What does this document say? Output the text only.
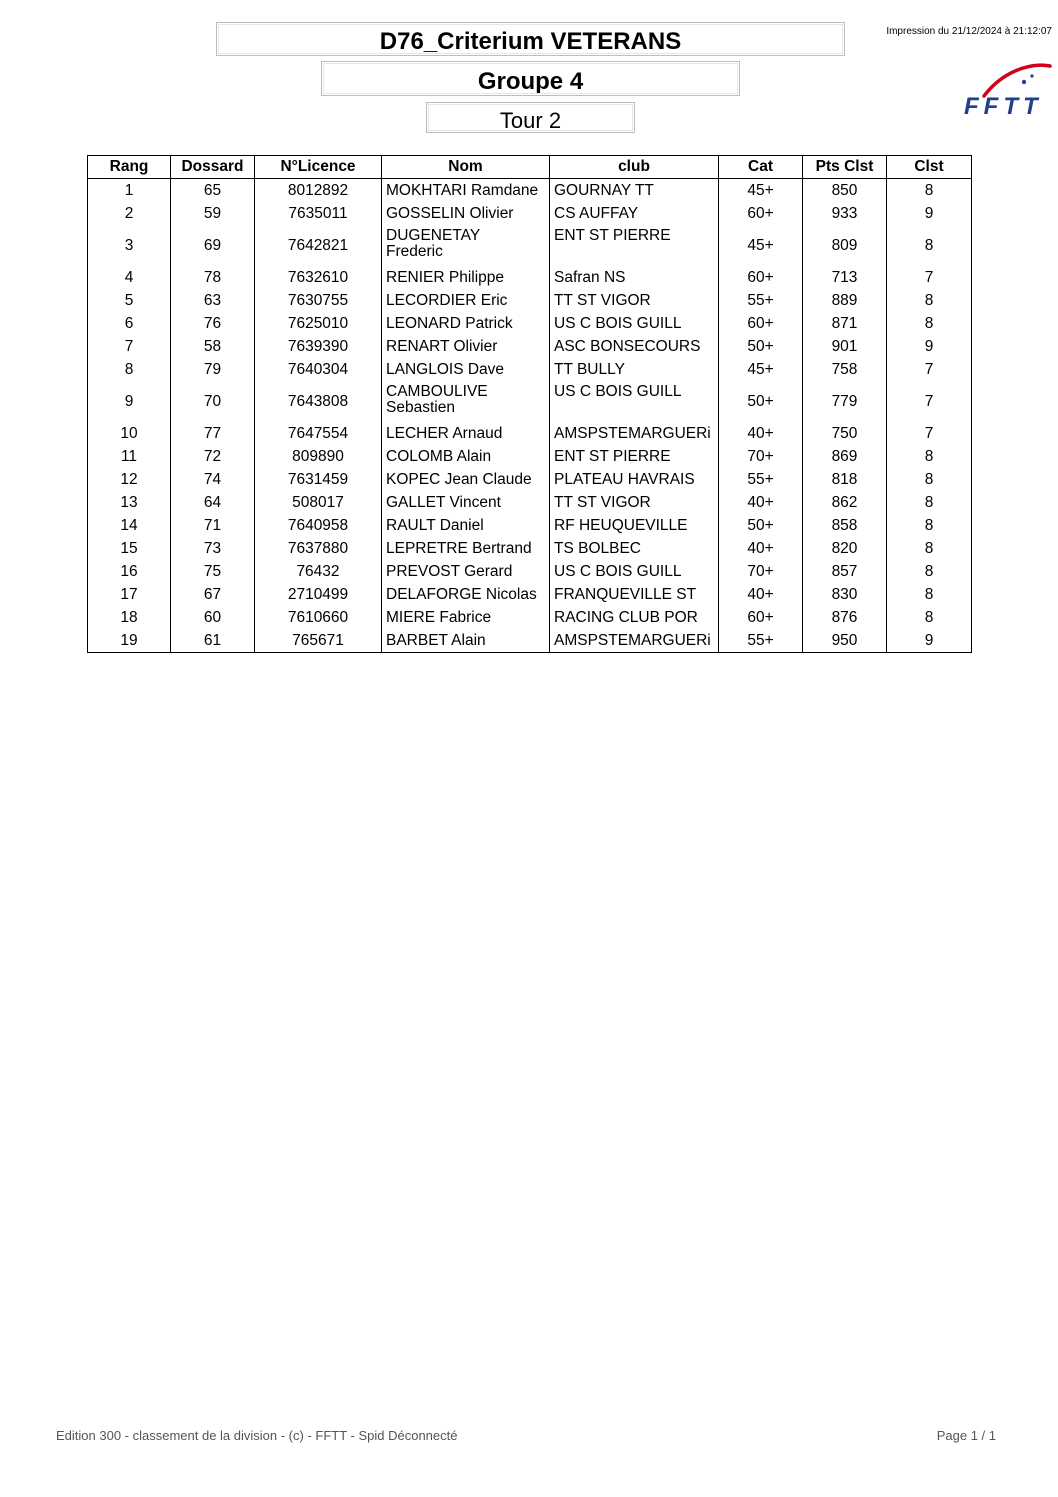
D76_Criterium VETERANS
Groupe 4
Tour 2
Impression du 21/12/2024 à 21:12:07
FFTT
Rang	Dossard	N°Licence	Nom	club	Cat	Pts Clst	Clst
1	65	8012892	MOKHTARI Ramdane	GOURNAY TT	45+	850	8
2	59	7635011	GOSSELIN Olivier	CS AUFFAY	60+	933	9
3	69	7642821	DUGENETAY Frederic	ENT ST PIERRE	45+	809	8
4	78	7632610	RENIER Philippe	Safran NS	60+	713	7
5	63	7630755	LECORDIER Eric	TT ST VIGOR	55+	889	8
6	76	7625010	LEONARD Patrick	US C BOIS GUILL	60+	871	8
7	58	7639390	RENART Olivier	ASC BONSECOURS	50+	901	9
8	79	7640304	LANGLOIS Dave	TT BULLY	45+	758	7
9	70	7643808	CAMBOULIVE Sebastien	US C BOIS GUILL	50+	779	7
10	77	7647554	LECHER Arnaud	AMSPSTEMARGUERi	40+	750	7
11	72	809890	COLOMB Alain	ENT ST PIERRE	70+	869	8
12	74	7631459	KOPEC Jean Claude	PLATEAU HAVRAIS	55+	818	8
13	64	508017	GALLET Vincent	TT ST VIGOR	40+	862	8
14	71	7640958	RAULT Daniel	RF HEUQUEVILLE	50+	858	8
15	73	7637880	LEPRETRE Bertrand	TS BOLBEC	40+	820	8
16	75	76432	PREVOST Gerard	US C BOIS GUILL	70+	857	8
17	67	2710499	DELAFORGE Nicolas	FRANQUEVILLE ST	40+	830	8
18	60	7610660	MIERE Fabrice	RACING CLUB POR	60+	876	8
19	61	765671	BARBET Alain	AMSPSTEMARGUERi	55+	950	9
Edition 300 - classement de la division - (c) - FFTT - Spid Déconnecté	Page 1 / 1
